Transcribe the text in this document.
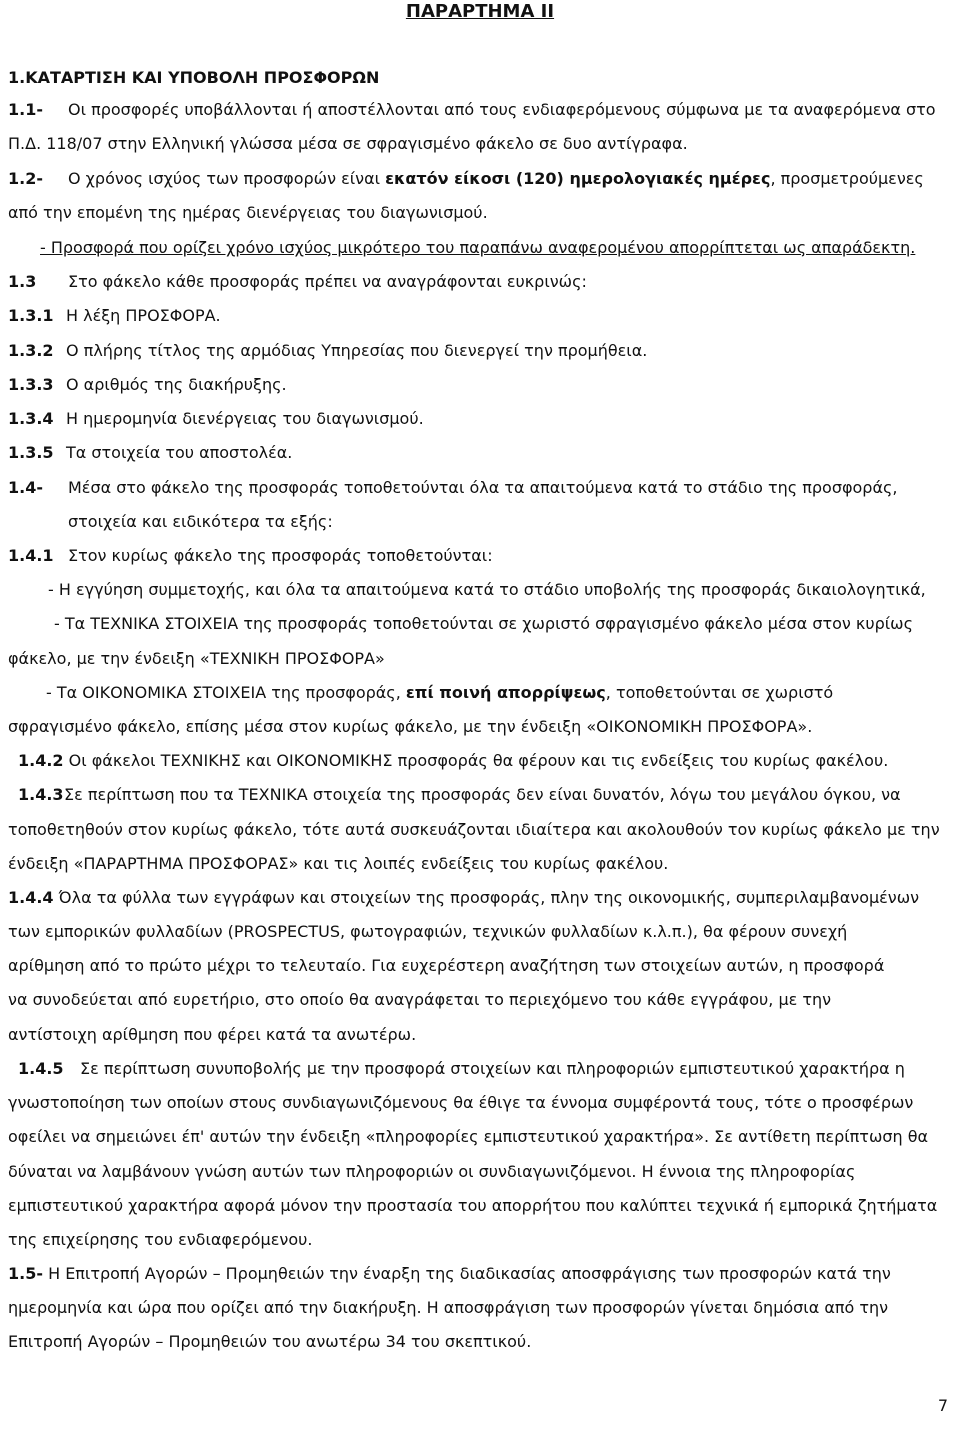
ΠΑΡΑΡΤΗΜΑ ΙΙ
1.ΚΑΤΑΡΤΙΣΗ ΚΑΙ ΥΠΟΒΟΛΗ ΠΡΟΣΦΟΡΩΝ
1.1- Οι προσφορές υποβάλλονται ή αποστέλλονται από τους ενδιαφερόμενους σύμφωνα με τα αναφερόμενα στο
Π.Δ. 118/07 στην Ελληνική γλώσσα μέσα σε σφραγισμένο φάκελο σε δυο αντίγραφα.
1.2- Ο χρόνος ισχύος των προσφορών είναι εκατόν είκοσι (120) ημερολογιακές ημέρες, προσμετρούμενες
από την επομένη της ημέρας διενέργειας του διαγωνισμού.
- Προσφορά που ορίζει χρόνο ισχύος μικρότερο του παραπάνω αναφερομένου απορρίπτεται ως απαράδεκτη.
1.3 Στο φάκελο κάθε προσφοράς πρέπει να αναγράφονται ευκρινώς:
1.3.1 Η λέξη ΠΡΟΣΦΟΡΑ.
1.3.2 Ο πλήρης τίτλος της αρμόδιας Υπηρεσίας που διενεργεί την προμήθεια.
1.3.3 Ο αριθμός της διακήρυξης.
1.3.4 Η ημερομηνία διενέργειας του διαγωνισμού.
1.3.5 Τα στοιχεία του αποστολέα.
1.4- Μέσα στο φάκελο της προσφοράς τοποθετούνται όλα τα απαιτούμενα κατά το στάδιο της προσφοράς,
στοιχεία και ειδικότερα τα εξής:
1.4.1 Στον κυρίως φάκελο της προσφοράς τοποθετούνται:
- Η εγγύηση συμμετοχής, και όλα τα απαιτούμενα κατά το στάδιο υποβολής της προσφοράς δικαιολογητικά,
- Τα ΤΕΧΝΙΚΑ ΣΤΟΙΧΕΙΑ της προσφοράς τοποθετούνται σε χωριστό σφραγισμένο φάκελο μέσα στον κυρίως
φάκελο, με την ένδειξη «ΤΕΧΝΙΚΗ ΠΡΟΣΦΟΡΑ»
- Τα ΟΙΚΟΝΟΜΙΚΑ ΣΤΟΙΧΕΙΑ της προσφοράς, επί ποινή απορρίψεως, τοποθετούνται σε χωριστό
σφραγισμένο φάκελο, επίσης μέσα στον κυρίως φάκελο, με την ένδειξη «ΟΙΚΟΝΟΜΙΚΗ ΠΡΟΣΦΟΡΑ».
1.4.2 Οι φάκελοι ΤΕΧΝΙΚΗΣ και ΟΙΚΟΝΟΜΙΚΗΣ προσφοράς θα φέρουν και τις ενδείξεις του κυρίως φακέλου.
1.4.3Σε περίπτωση που τα ΤΕΧΝΙΚΑ στοιχεία της προσφοράς δεν είναι δυνατόν, λόγω του μεγάλου όγκου, να
τοποθετηθούν στον κυρίως φάκελο, τότε αυτά συσκευάζονται ιδιαίτερα και ακολουθούν τον κυρίως φάκελο με την
ένδειξη «ΠΑΡΑΡΤΗΜΑ ΠΡΟΣΦΟΡΑΣ» και τις λοιπές ενδείξεις του κυρίως φακέλου.
1.4.4 Όλα τα φύλλα των εγγράφων και στοιχείων της προσφοράς, πλην της οικονομικής, συμπεριλαμβανομένων
των εμπορικών φυλλαδίων (PROSPECTUS, φωτογραφιών, τεχνικών φυλλαδίων κ.λ.π.), θα φέρουν συνεχή
αρίθμηση από το πρώτο μέχρι το τελευταίο. Για ευχερέστερη αναζήτηση των στοιχείων αυτών, η προσφορά
να συνοδεύεται από ευρετήριο, στο οποίο θα αναγράφεται το περιεχόμενο του κάθε εγγράφου, με την
αντίστοιχη αρίθμηση που φέρει κατά τα ανωτέρω.
1.4.5 Σε περίπτωση συνυποβολής με την προσφορά στοιχείων και πληροφοριών εμπιστευτικού χαρακτήρα η
γνωστοποίηση των οποίων στους συνδιαγωνιζόμενους θα έθιγε τα έννομα συμφέροντά τους, τότε ο προσφέρων
οφείλει να σημειώνει έπ' αυτών την ένδειξη «πληροφορίες εμπιστευτικού χαρακτήρα». Σε αντίθετη περίπτωση θα
δύναται να λαμβάνουν γνώση αυτών των πληροφοριών οι συνδιαγωνιζόμενοι. Η έννοια της πληροφορίας
εμπιστευτικού χαρακτήρα αφορά μόνον την προστασία του απορρήτου που καλύπτει τεχνικά ή εμπορικά ζητήματα
της επιχείρησης του ενδιαφερόμενου.
1.5- Η Επιτροπή Αγορών – Προμηθειών την έναρξη της διαδικασίας αποσφράγισης των προσφορών κατά την
ημερομηνία και ώρα που ορίζει από την διακήρυξη. Η αποσφράγιση των προσφορών γίνεται δημόσια από την
Επιτροπή Αγορών – Προμηθειών του ανωτέρω 34 του σκεπτικού.
7
